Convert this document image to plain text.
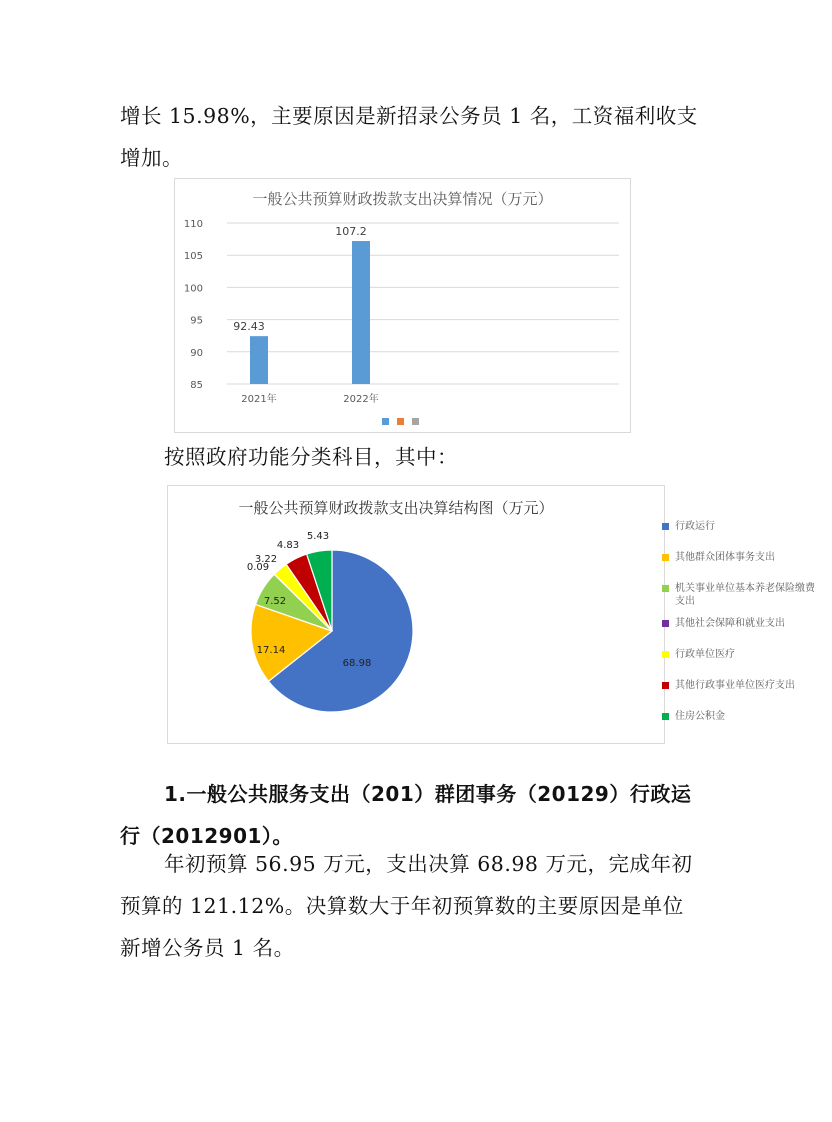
增长 15.98%，主要原因是新招录公务员 1 名，工资福利收支
增加。
一般公共预算财政拨款支出决算情况（万元）
85
90
95
100
105
110
92.43
2021年
107.2
2022年
按照政府功能分类科目，其中：
一般公共预算财政拨款支出决算结构图（万元）
68.98
17.14
7.52
0.09
3.22
4.83
5.43
行政运行
其他群众团体事务支出
机关事业单位基本养老保险缴费
支出
其他社会保障和就业支出
行政单位医疗
其他行政事业单位医疗支出
住房公积金
1.一般公共服务支出（201）群团事务（20129）行政运
行（2012901）。
年初预算 56.95 万元，支出决算 68.98 万元，完成年初
预算的 121.12%。决算数大于年初预算数的主要原因是单位
新增公务员 1 名。
